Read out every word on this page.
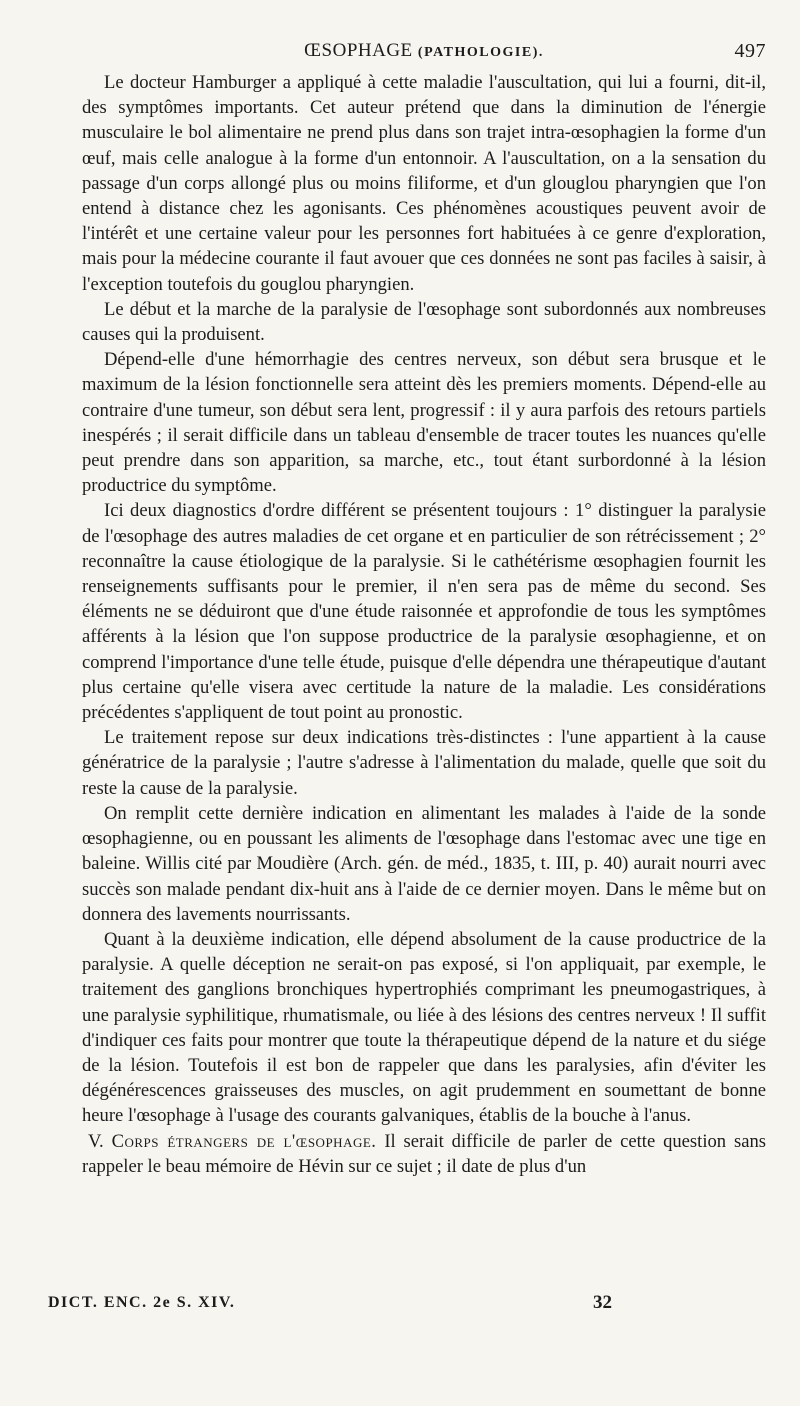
ŒSOPHAGE (PATHOLOGIE).	497

Le docteur Hamburger a appliqué à cette maladie l'auscultation, qui lui a fourni, dit-il, des symptômes importants. Cet auteur prétend que dans la diminution de l'énergie musculaire le bol alimentaire ne prend plus dans son trajet intra-œsophagien la forme d'un œuf, mais celle analogue à la forme d'un entonnoir. A l'auscultation, on a la sensation du passage d'un corps allongé plus ou moins filiforme, et d'un glouglou pharyngien que l'on entend à distance chez les agonisants. Ces phénomènes acoustiques peuvent avoir de l'intérêt et une certaine valeur pour les personnes fort habituées à ce genre d'exploration, mais pour la médecine courante il faut avouer que ces données ne sont pas faciles à saisir, à l'exception toutefois du gouglou pharyngien.

Le début et la marche de la paralysie de l'œsophage sont subordonnés aux nombreuses causes qui la produisent.

Dépend-elle d'une hémorrhagie des centres nerveux, son début sera brusque et le maximum de la lésion fonctionnelle sera atteint dès les premiers moments. Dépend-elle au contraire d'une tumeur, son début sera lent, progressif : il y aura parfois des retours partiels inespérés ; il serait difficile dans un tableau d'ensemble de tracer toutes les nuances qu'elle peut prendre dans son apparition, sa marche, etc., tout étant surbordonné à la lésion productrice du symptôme.

Ici deux diagnostics d'ordre différent se présentent toujours : 1° distinguer la paralysie de l'œsophage des autres maladies de cet organe et en particulier de son rétrécissement ; 2° reconnaître la cause étiologique de la paralysie. Si le cathétérisme œsophagien fournit les renseignements suffisants pour le premier, il n'en sera pas de même du second. Ses éléments ne se déduiront que d'une étude raisonnée et approfondie de tous les symptômes afférents à la lésion que l'on suppose productrice de la paralysie œsophagienne, et on comprend l'importance d'une telle étude, puisque d'elle dépendra une thérapeutique d'autant plus certaine qu'elle visera avec certitude la nature de la maladie. Les considérations précédentes s'appliquent de tout point au pronostic.

Le traitement repose sur deux indications très-distinctes : l'une appartient à la cause génératrice de la paralysie ; l'autre s'adresse à l'alimentation du malade, quelle que soit du reste la cause de la paralysie.

On remplit cette dernière indication en alimentant les malades à l'aide de la sonde œsophagienne, ou en poussant les aliments de l'œsophage dans l'estomac avec une tige en baleine. Willis cité par Moudière (Arch. gén. de méd., 1835, t. III, p. 40) aurait nourri avec succès son malade pendant dix-huit ans à l'aide de ce dernier moyen. Dans le même but on donnera des lavements nourrissants.

Quant à la deuxième indication, elle dépend absolument de la cause productrice de la paralysie. A quelle déception ne serait-on pas exposé, si l'on appliquait, par exemple, le traitement des ganglions bronchiques hypertrophiés comprimant les pneumogastriques, à une paralysie syphilitique, rhumatismale, ou liée à des lésions des centres nerveux ! Il suffit d'indiquer ces faits pour montrer que toute la thérapeutique dépend de la nature et du siége de la lésion. Toutefois il est bon de rappeler que dans les paralysies, afin d'éviter les dégénérescences graisseuses des muscles, on agit prudemment en soumettant de bonne heure l'œsophage à l'usage des courants galvaniques, établis de la bouche à l'anus.

V. Corps étrangers de l'œsophage. Il serait difficile de parler de cette question sans rappeler le beau mémoire de Hévin sur ce sujet ; il date de plus d'un

DICT. ENC. 2e S. XIV.	32
